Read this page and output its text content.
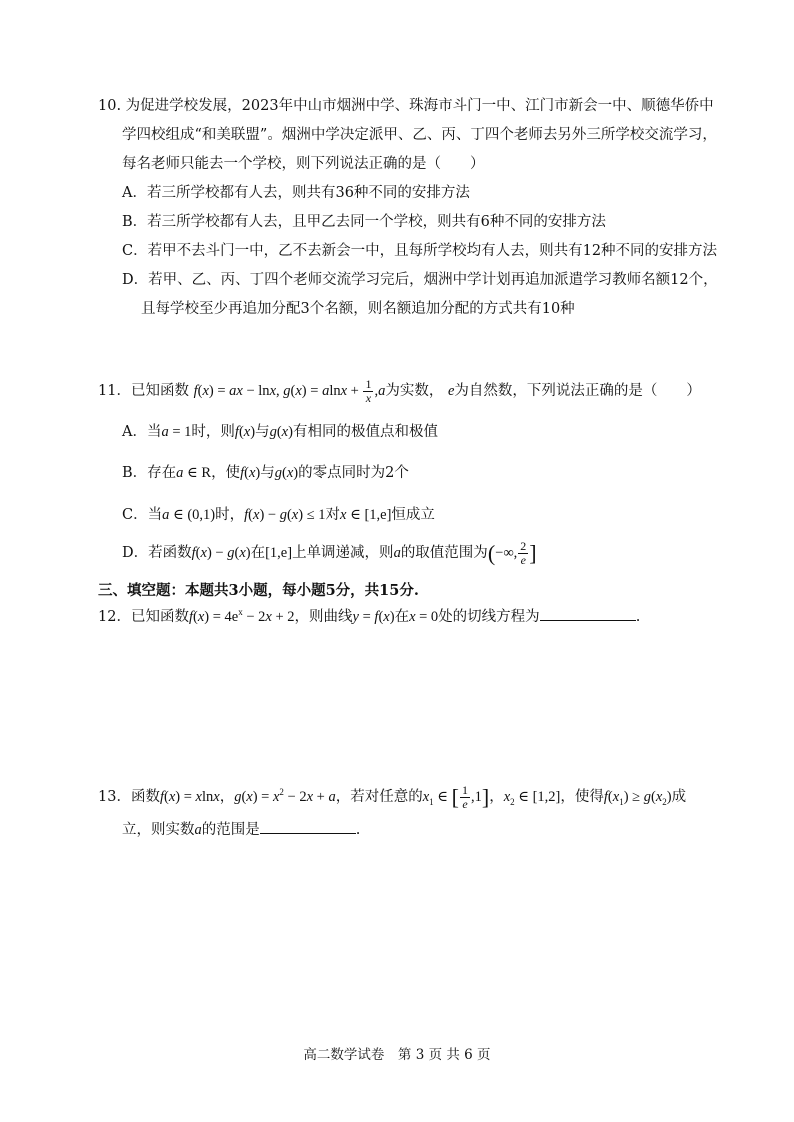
10. 为促进学校发展，2023年中山市烟洲中学、珠海市斗门一中、江门市新会一中、顺德华侨中
学四校组成“和美联盟”。烟洲中学决定派甲、乙、丙、丁四个老师去另外三所学校交流学习，
每名老师只能去一个学校，则下列说法正确的是（　　）
A．若三所学校都有人去，则共有36种不同的安排方法
B．若三所学校都有人去，且甲乙去同一个学校，则共有6种不同的安排方法
C．若甲不去斗门一中，乙不去新会一中，且每所学校均有人去，则共有12种不同的安排方法
D．若甲、乙、丙、丁四个老师交流学习完后，烟洲中学计划再追加派遣学习教师名额12个，
且每学校至少再追加分配3个名额，则名额追加分配的方式共有10种
11．已知函数 f(x) = ax − lnx, $g(x) = alnx + \frac{1}{x} ,a$为实数， e为自然数，下列说法正确的是（　　）
A．当a = 1时，则f(x)与g(x)有相同的极值点和极值
B．存在a ∈ R，使f(x)与g(x)的零点同时为2个
C．当a ∈ (0,1)时，f(x) − g(x) ≤ 1对x ∈ [1,e]恒成立
D．若函数f(x) − g(x)在[1,e]上单调递减，则a的取值范围为(−∞, $\frac{2}{e}$ ]
三、填空题：本题共3小题，每小题5分，共15分.
12．已知函数$f(x) = 4e^x - 2x + 2$，则曲线y = f(x)在x = 0处的切线方程为	.
13．函数f(x) = xlnx，$g(x) = x^2 - 2x + a$，若对任意的$x_1$ ∈ [ $\frac{1}{e} ,1$]，$x_2$ ∈ [1,2]，使得$f(x_1) \ge g(x_2)$成
立，则实数a的范围是	.
高二数学试卷　第 3 页 共 6 页
